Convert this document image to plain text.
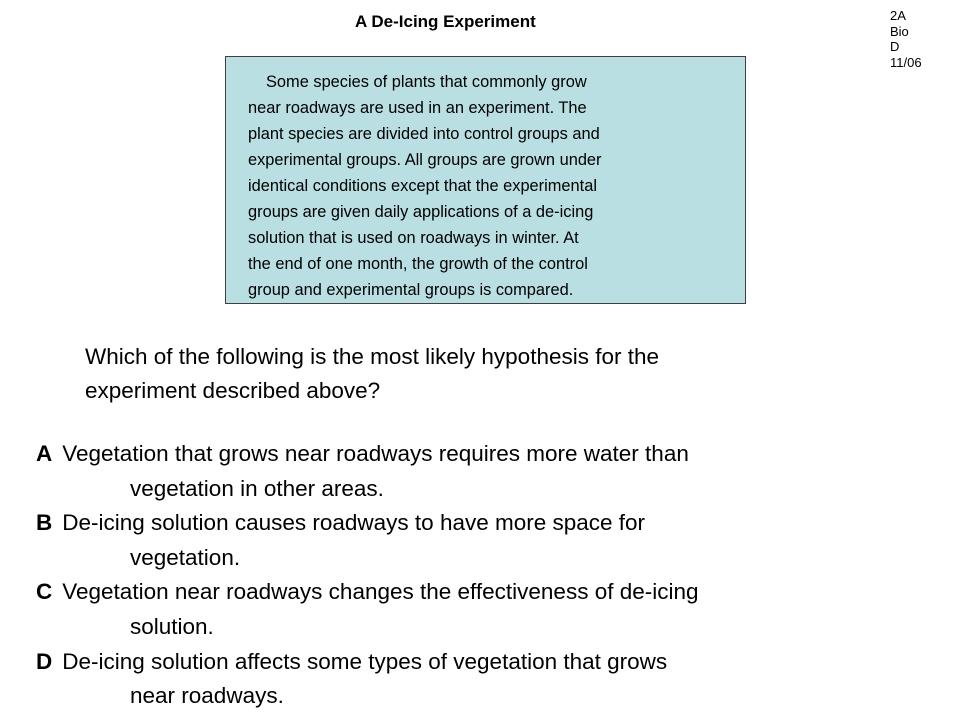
A De-Icing Experiment	2A
Bio
D
11/06
Some species of plants that commonly grow
near roadways are used in an experiment. The
plant species are divided into control groups and
experimental groups. All groups are grown under
identical conditions except that the experimental
groups are given daily applications of a de-icing
solution that is used on roadways in winter. At
the end of one month, the growth of the control
group and experimental groups is compared.
Which of the following is the most likely hypothesis for the
experiment described above?
A Vegetation that grows near roadways requires more water than
vegetation in other areas.
B De-icing solution causes roadways to have more space for
vegetation.
C Vegetation near roadways changes the effectiveness of de-icing
solution.
D De-icing solution affects some types of vegetation that grows
near roadways.
